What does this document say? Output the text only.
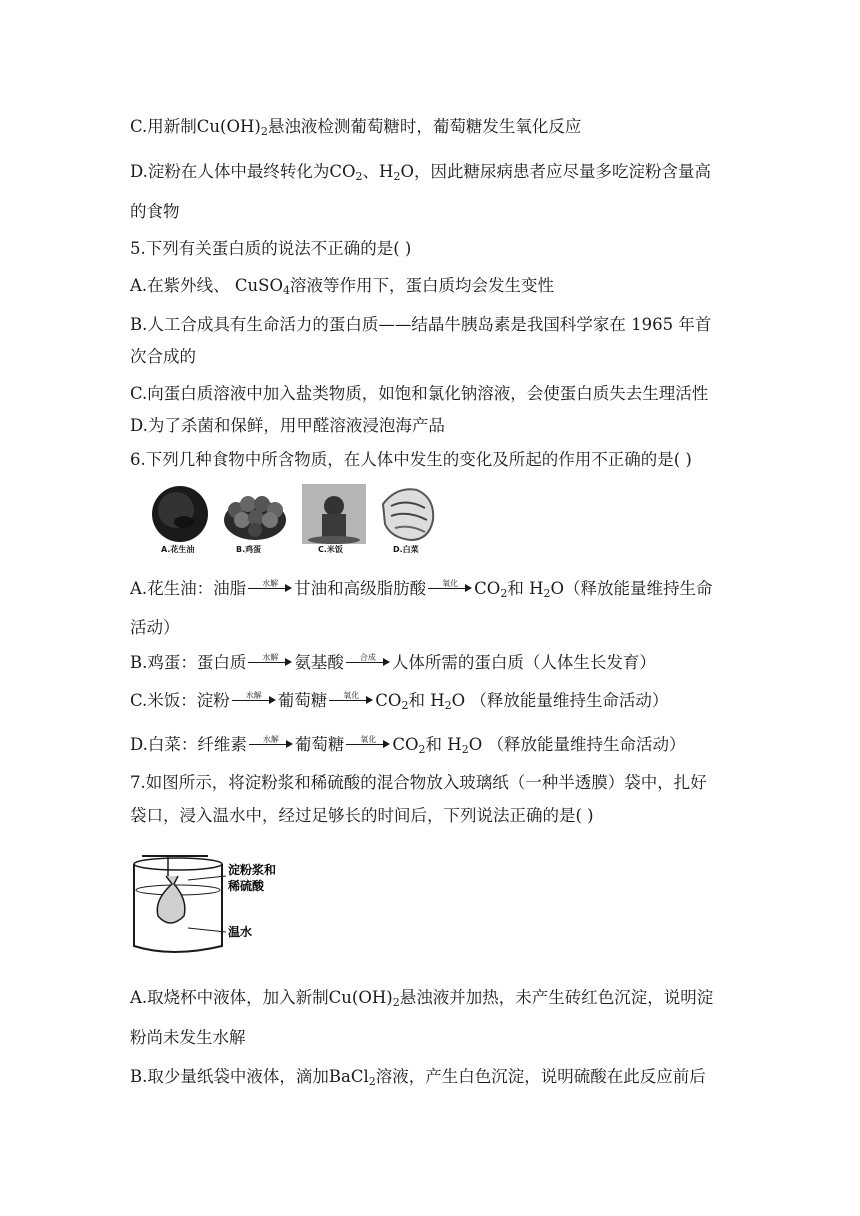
C.用新制$Cu(OH)_2$悬浊液检测葡萄糖时，葡萄糖发生氧化反应
D.淀粉在人体中最终转化为$CO_2$、$H_2O$，因此糖尿病患者应尽量多吃淀粉含量高
的食物
5.下列有关蛋白质的说法不正确的是( )
A.在紫外线、 CuSO$_4$溶液等作用下，蛋白质均会发生变性
B.人工合成具有生命活力的蛋白质——结晶牛胰岛素是我国科学家在 1965 年首
次合成的
C.向蛋白质溶液中加入盐类物质，如饱和氯化钠溶液，会使蛋白质失去生理活性
D.为了杀菌和保鲜，用甲醛溶液浸泡海产品
6.下列几种食物中所含物质，在人体中发生的变化及所起的作用不正确的是( )
A.花生油	B.鸡蛋	C.米饭	D.白菜
A.花生油：油脂	水解 甘油和高级脂肪酸	氧化 $CO_2$和 $H_2O$（释放能量维持生命
活动）
B.鸡蛋：蛋白质	水解 氨基酸	合成 人体所需的蛋白质（人体生长发育）
C.米饭：淀粉	水解 葡萄糖	氧化 $CO_2$和 $H_2O$ （释放能量维持生命活动）
D.白菜：纤维素	水解 葡萄糖	氧化 $CO_2$和 $H_2O$ （释放能量维持生命活动）
7.如图所示，将淀粉浆和稀硫酸的混合物放入玻璃纸（一种半透膜）袋中，扎好
袋口，浸入温水中，经过足够长的时间后，下列说法正确的是( )
淀粉浆和
稀硫酸
温水
A.取烧杯中液体，加入新制$Cu(OH)_2$悬浊液并加热，未产生砖红色沉淀，说明淀
粉尚未发生水解
B.取少量纸袋中液体，滴加BaCl$_2$溶液，产生白色沉淀，说明硫酸在此反应前后
